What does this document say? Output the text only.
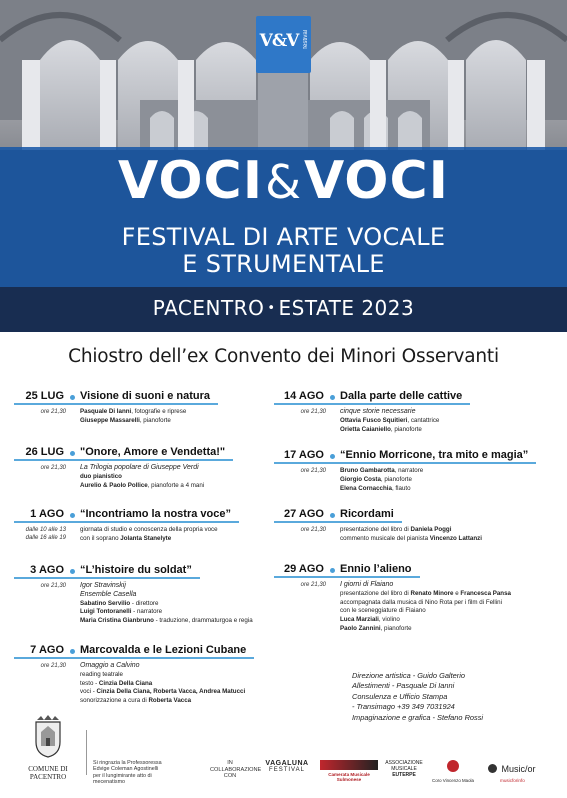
V&V festival
VOCI&VOCI
FESTIVAL DI ARTE VOCALE
E STRUMENTALE
PACENTRO • ESTATE 2023
Chiostro dell’ex Convento dei Minori Osservanti
25 LUG Visione di suoni e natura
ore 21,30 Pasquale Di Ianni, fotografie e riprese
Giuseppe Massarelli, pianoforte
26 LUG "Onore, Amore e Vendetta!"
ore 21,30 La Trilogia popolare di Giuseppe Verdi
duo pianistico
Aurelio & Paolo Pollice, pianoforte a 4 mani
1 AGO “Incontriamo la nostra voce”
dalle 10 alle 13
dalle 16 alle 19
giornata di studio e conoscenza della propria voce
con il soprano Jolanta Stanelyte
3 AGO “L’histoire du soldat”
ore 21,30 Igor Stravinskij
Ensemble Casella
Sabatino Servilio - direttore
Luigi Tontoranelli - narratore
Maria Cristina Gianbruno - traduzione, drammaturgoa e regia
7 AGO Marcovalda e le Lezioni Cubane
ore 21,30 Omaggio a Calvino
reading teatrale
testo - Cinzia Della Ciana
voci - Cinzia Della Ciana, Roberta Vacca, Andrea Matucci
sonorizzazione a cura di Roberta Vacca
14 AGO Dalla parte delle cattive
ore 21,30 cinque storie necessarie
Ottavia Fusco Squitieri, cantattrice
Orietta Caianiello, pianoforte
17 AGO “Ennio Morricone, tra mito e magia”
ore 21,30 Bruno Gambarotta, narratore
Giorgio Costa, pianoforte
Elena Cornacchia, flauto
27 AGO Ricordami
ore 21,30 presentazione del libro di Daniela Poggi
commento musicale del pianista Vincenzo Lattanzi
29 AGO Ennio l’alieno
ore 21,30 I giorni di Flaiano
presentazione del libro di Renato Minore e Francesca Pansa
accompagnata dalla musica di Nino Rota per i film di Fellini
con le sceneggiature di Flaiano
Luca Marziali, violino
Paolo Zannini, pianoforte
Direzione artistica - Guido Galterio
Allestimenti - Pasquale Di Ianni
Consulenza e Ufficio Stampa
- Transimago +39 349 7031924
Impaginazione e grafica - Stefano Rossi
COMUNE DI
PACENTRO
Si ringrazia la Professoressa
Edvige Coleman Agostinelli
per il lungimirante atto di
mecenatismo
IN
COLLABORAZIONE
CON
VAGALUNA
FESTIVAL
Camerata Musicale Sulmonese
ASSOCIAZIONE
MUSICALE
EUTERPE
Coro Vincenzo Maola
Music/or
musicforinfo
